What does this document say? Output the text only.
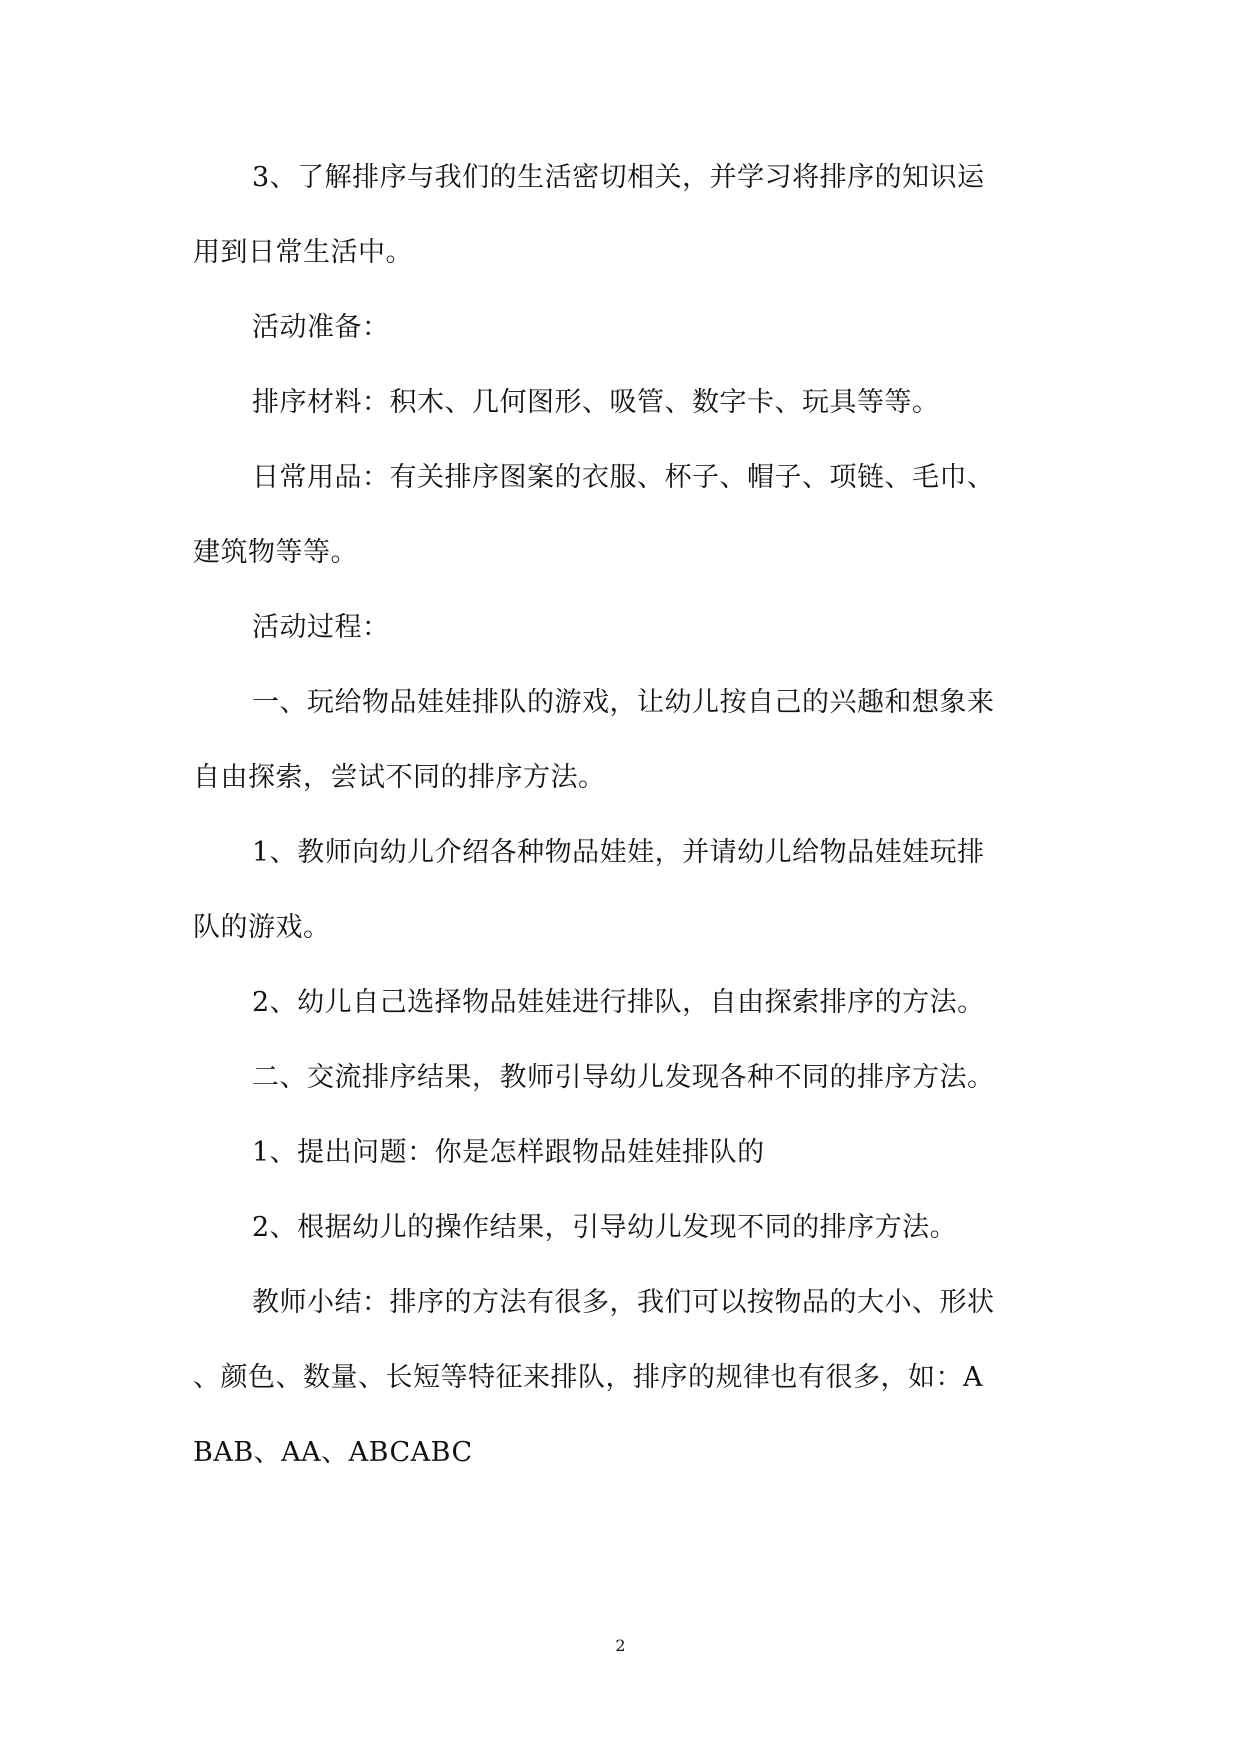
3、了解排序与我们的生活密切相关，并学习将排序的知识运
用到日常生活中。
活动准备：
排序材料：积木、几何图形、吸管、数字卡、玩具等等。
日常用品：有关排序图案的衣服、杯子、帽子、项链、毛巾、
建筑物等等。
活动过程：
一、玩给物品娃娃排队的游戏，让幼儿按自己的兴趣和想象来
自由探索，尝试不同的排序方法。
1、教师向幼儿介绍各种物品娃娃，并请幼儿给物品娃娃玩排
队的游戏。
2、幼儿自己选择物品娃娃进行排队，自由探索排序的方法。
二、交流排序结果，教师引导幼儿发现各种不同的排序方法。
1、提出问题：你是怎样跟物品娃娃排队的
2、根据幼儿的操作结果，引导幼儿发现不同的排序方法。
教师小结：排序的方法有很多，我们可以按物品的大小、形状
、颜色、数量、长短等特征来排队，排序的规律也有很多，如：A
BAB、AA、ABCABC
2
